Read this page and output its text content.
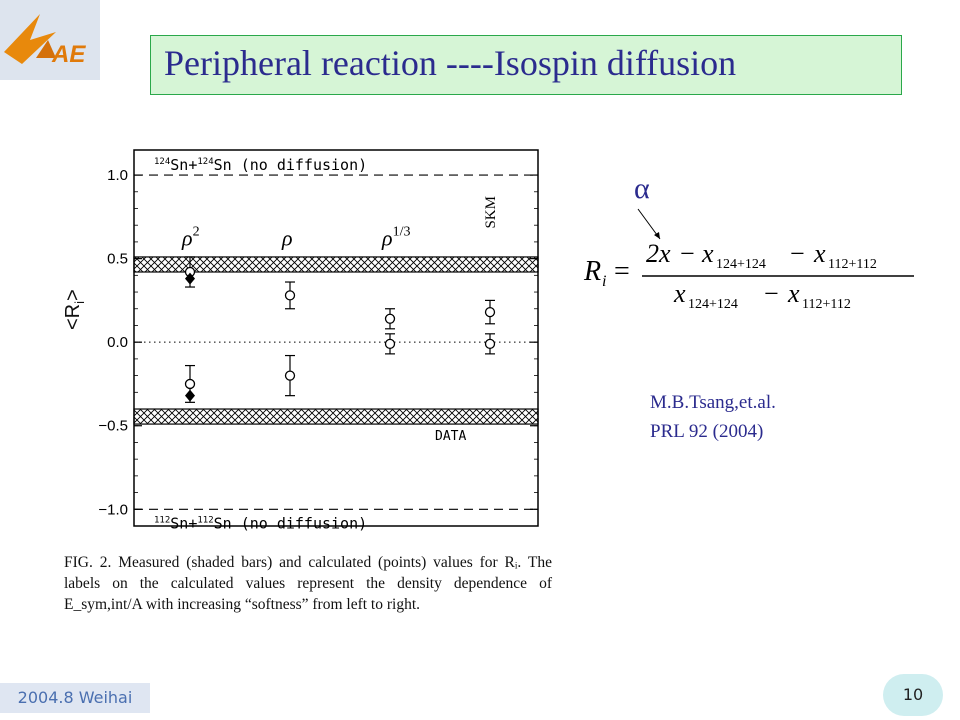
AE Peripheral reaction ----Isospin diffusion
DATA
$^{124}$Sn+$^{124}$Sn (no diffusion)
$^{112}$Sn+$^{112}$Sn (no diffusion)
1.0
0.5
0.0
−0.5
−1.0
$\rho^2$	ρ	$\rho^{1/3}$
SKM
$<R_i>$
FIG. 2. Measured (shaded bars) and calculated (points) values for Rᵢ. The labels on the calculated values represent the density dependence of E_sym,int/A with increasing “softness” from left to right.
α
R i =
2x − x 124+124 − x 112+112
x 124+124 − x 112+112
M.B.Tsang,et.al.
PRL 92 (2004)
2004.8 Weihai	10
